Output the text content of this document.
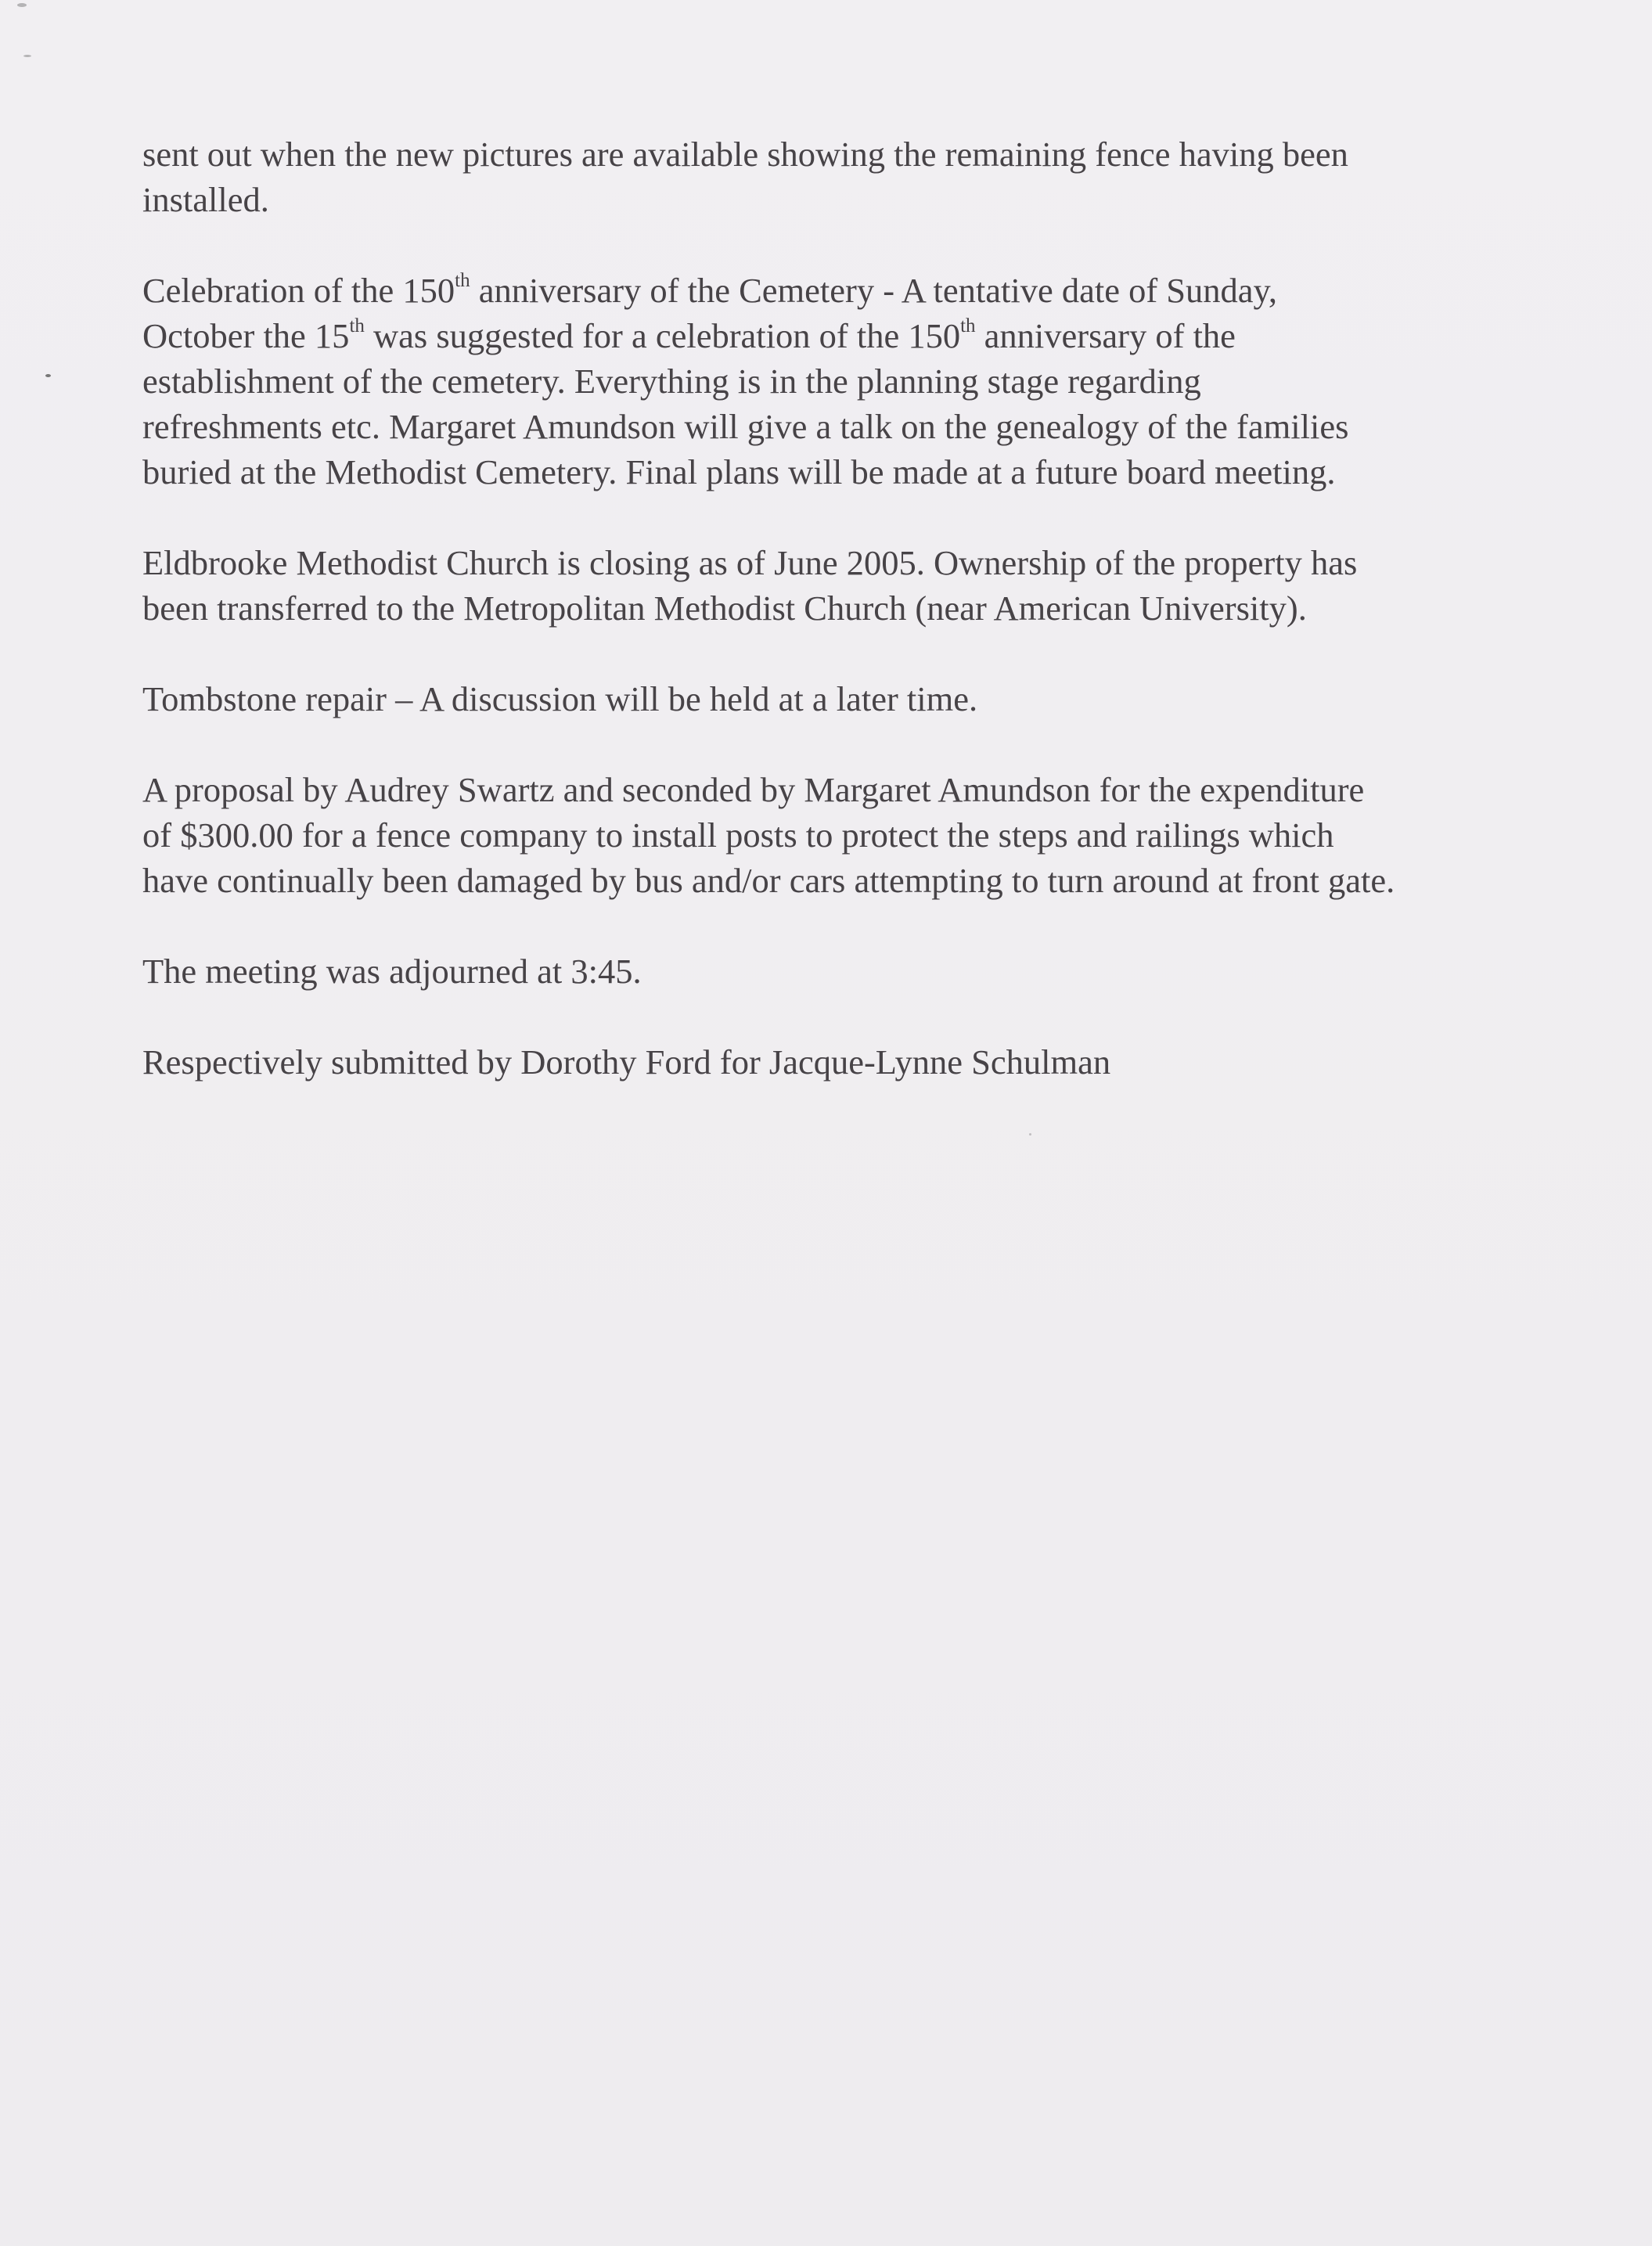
sent out when the new pictures are available showing the remaining fence having been
installed.

Celebration of the 150th anniversary of the Cemetery - A tentative date of Sunday,
October the 15th was suggested for a celebration of the 150th anniversary of the
establishment of the cemetery. Everything is in the planning stage regarding
refreshments etc. Margaret Amundson will give a talk on the genealogy of the families
buried at the Methodist Cemetery. Final plans will be made at a future board meeting.

Eldbrooke Methodist Church is closing as of June 2005. Ownership of the property has
been transferred to the Metropolitan Methodist Church (near American University).

Tombstone repair – A discussion will be held at a later time.

A proposal by Audrey Swartz and seconded by Margaret Amundson for the expenditure
of $300.00 for a fence company to install posts to protect the steps and railings which
have continually been damaged by bus and/or cars attempting to turn around at front gate.

The meeting was adjourned at 3:45.

Respectively submitted by Dorothy Ford for Jacque-Lynne Schulman
